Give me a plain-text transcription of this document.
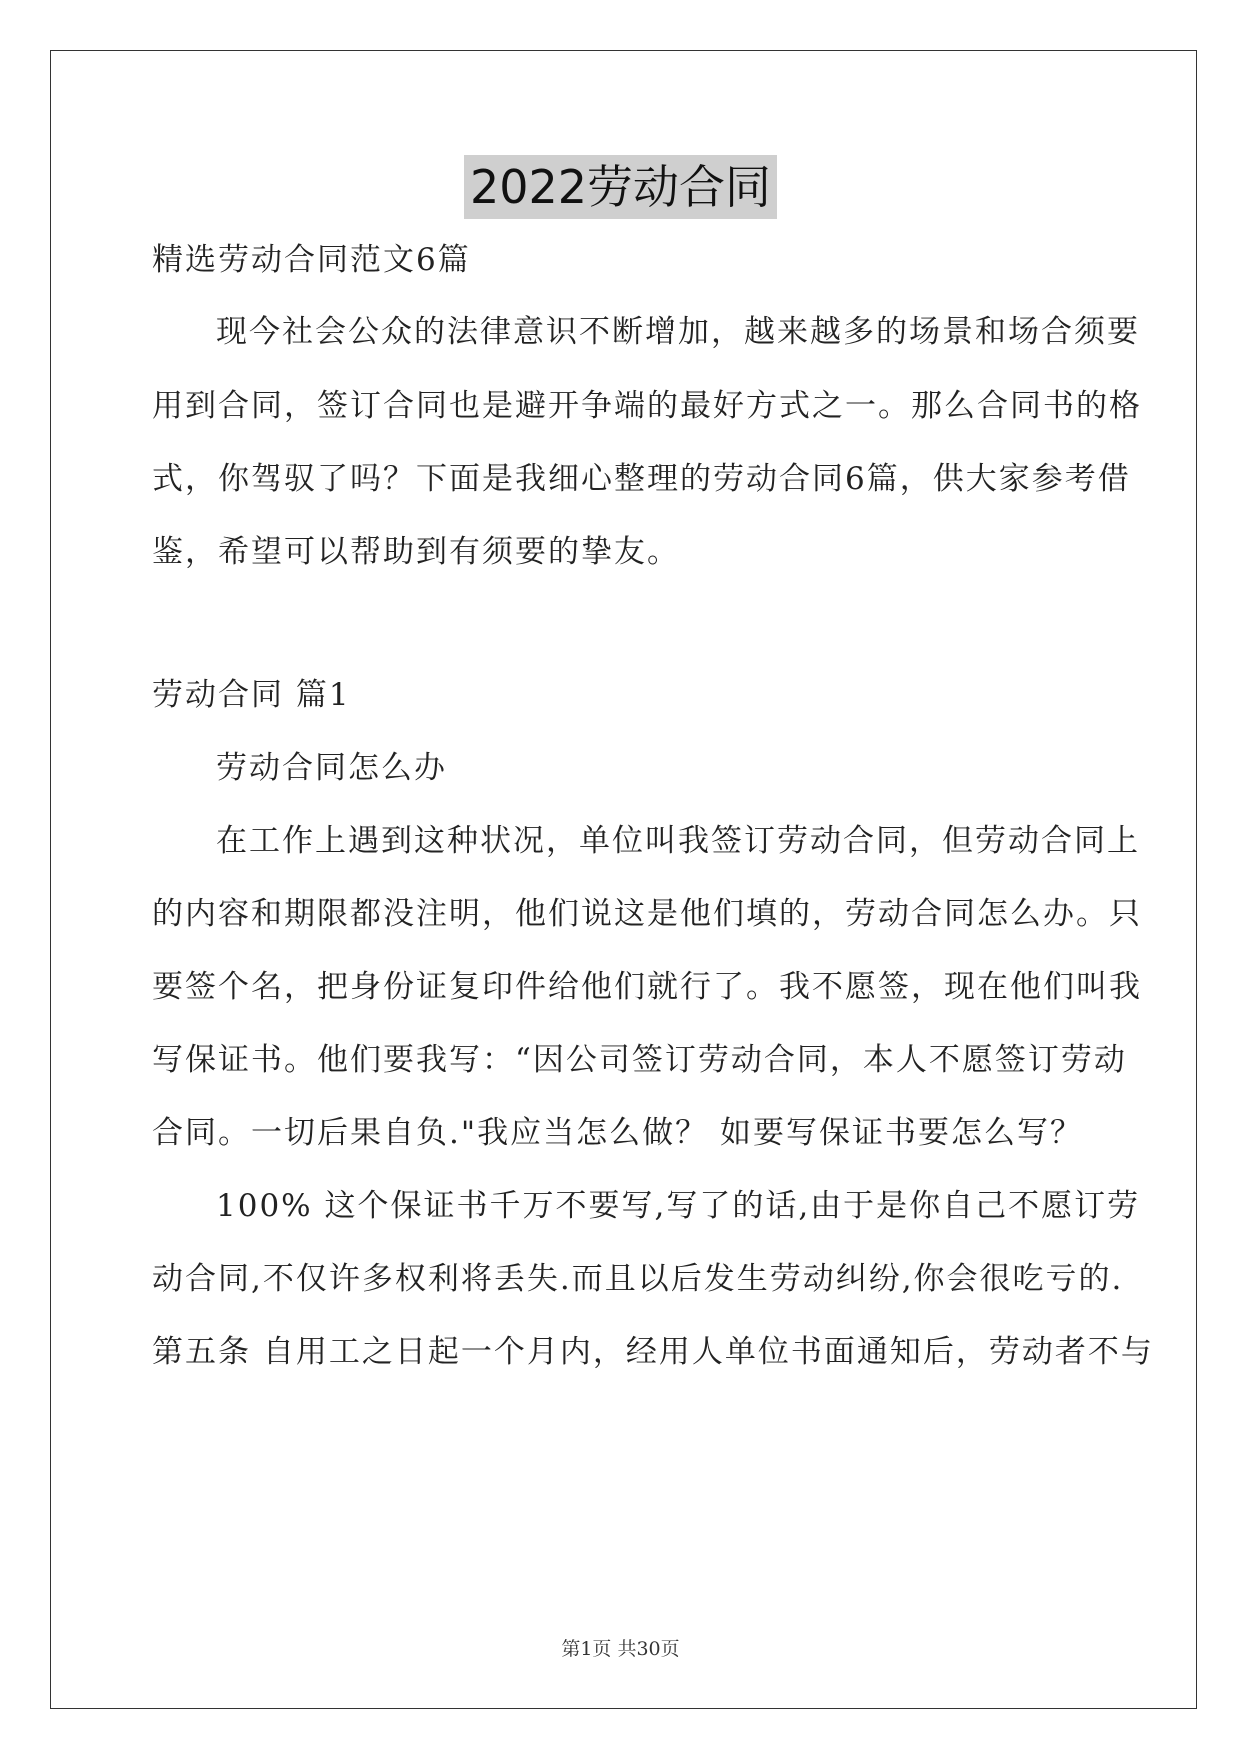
2022劳动合同
精选劳动合同范文6篇
现今社会公众的法律意识不断增加，越来越多的场景和场合须要
用到合同，签订合同也是避开争端的最好方式之一。那么合同书的格
式，你驾驭了吗？下面是我细心整理的劳动合同6篇，供大家参考借
鉴，希望可以帮助到有须要的挚友。
劳动合同 篇1
劳动合同怎么办
在工作上遇到这种状况，单位叫我签订劳动合同，但劳动合同上
的内容和期限都没注明，他们说这是他们填的，劳动合同怎么办。只
要签个名，把身份证复印件给他们就行了。我不愿签，现在他们叫我
写保证书。他们要我写：“因公司签订劳动合同，本人不愿签订劳动
合同。一切后果自负."我应当怎么做？ 如要写保证书要怎么写？
100% 这个保证书千万不要写,写了的话,由于是你自己不愿订劳
动合同,不仅许多权利将丢失.而且以后发生劳动纠纷,你会很吃亏的.
第五条 自用工之日起一个月内，经用人单位书面通知后，劳动者不与
第1页 共30页
